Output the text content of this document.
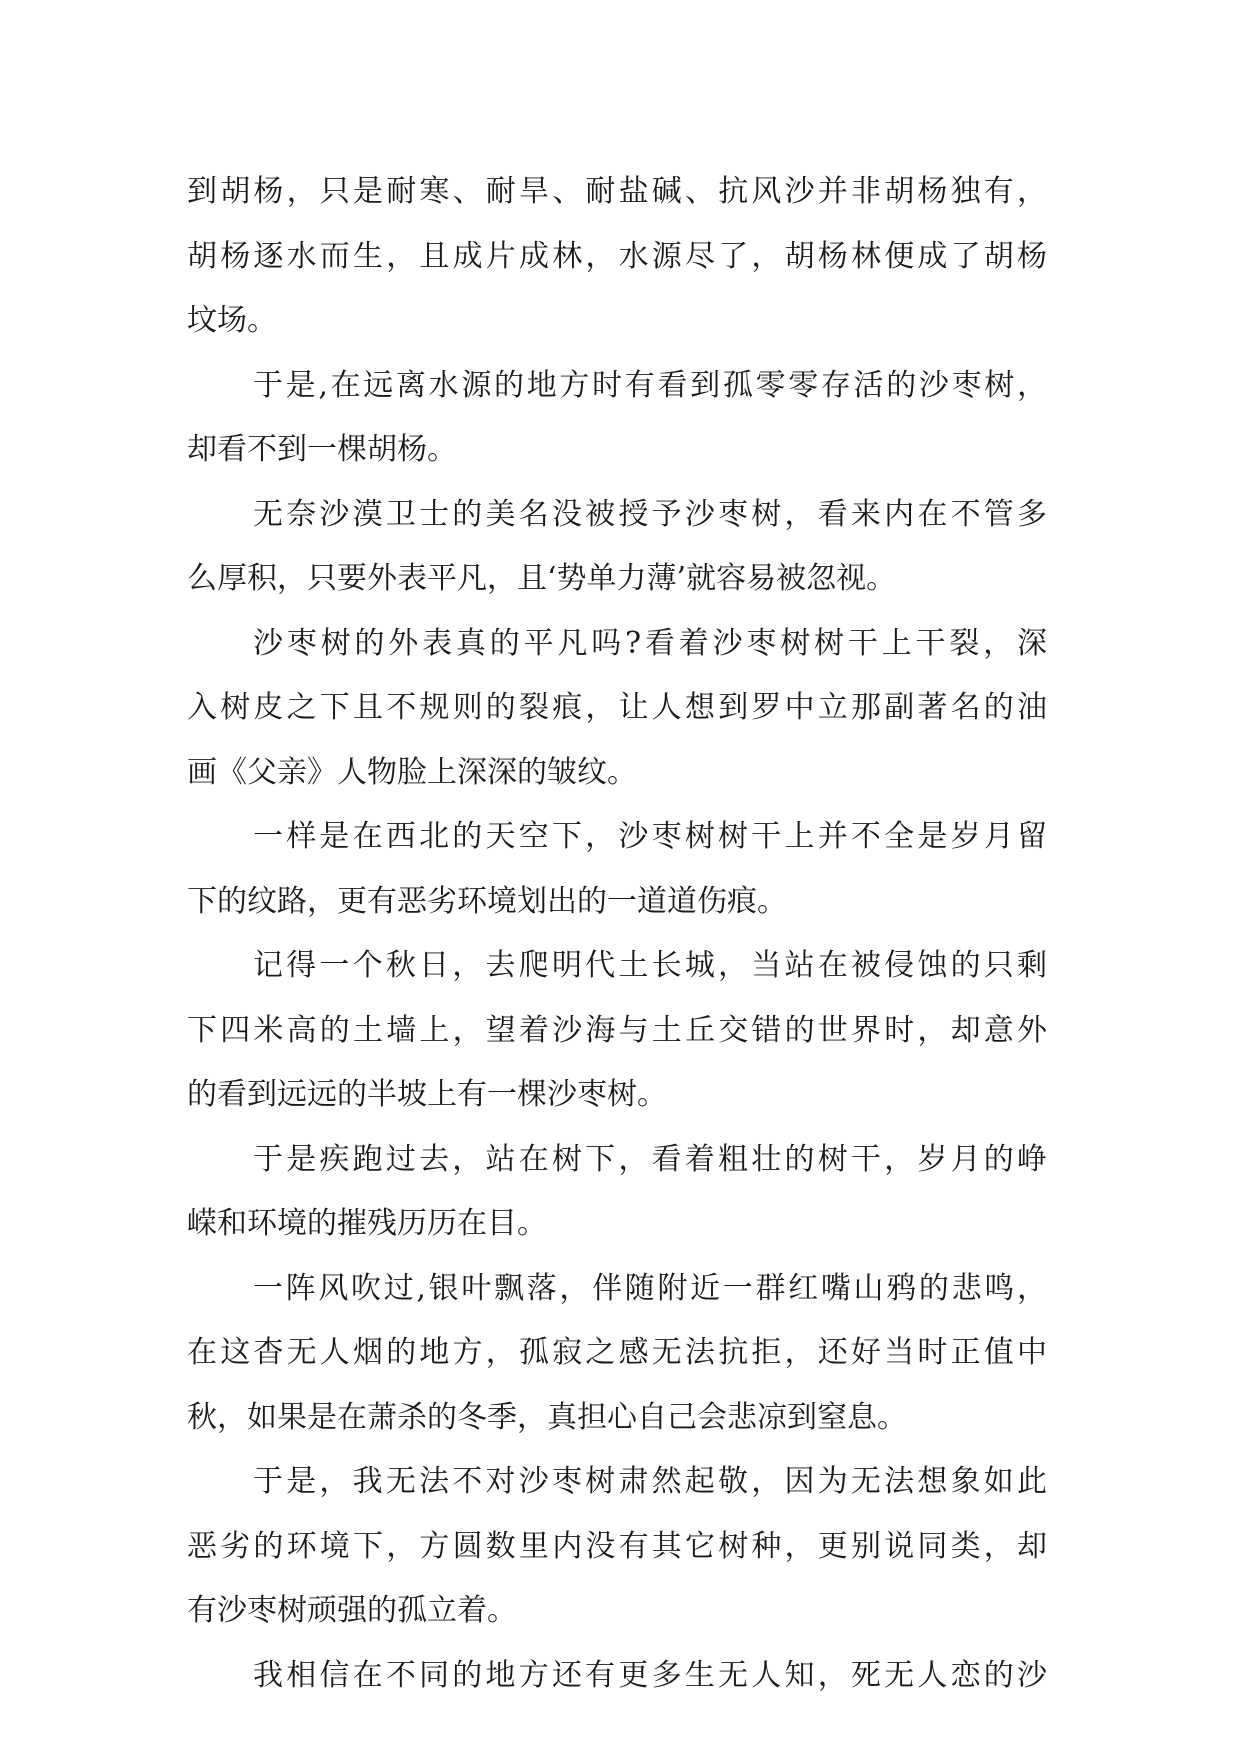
到胡杨，只是耐寒、耐旱、耐盐碱、抗风沙并非胡杨独有，
胡杨逐水而生，且成片成林，水源尽了，胡杨林便成了胡杨
坟场。
于是,在远离水源的地方时有看到孤零零存活的沙枣树，
却看不到一棵胡杨。
无奈沙漠卫士的美名没被授予沙枣树，看来内在不管多
么厚积，只要外表平凡，且‘势单力薄’就容易被忽视。
沙枣树的外表真的平凡吗?看着沙枣树树干上干裂，深
入树皮之下且不规则的裂痕，让人想到罗中立那副著名的油
画《父亲》人物脸上深深的皱纹。
一样是在西北的天空下，沙枣树树干上并不全是岁月留
下的纹路，更有恶劣环境划出的一道道伤痕。
记得一个秋日，去爬明代土长城，当站在被侵蚀的只剩
下四米高的土墙上，望着沙海与土丘交错的世界时，却意外
的看到远远的半坡上有一棵沙枣树。
于是疾跑过去，站在树下，看着粗壮的树干，岁月的峥
嵘和环境的摧残历历在目。
一阵风吹过,银叶飘落，伴随附近一群红嘴山鸦的悲鸣，
在这杳无人烟的地方，孤寂之感无法抗拒，还好当时正值中
秋，如果是在萧杀的冬季，真担心自己会悲凉到窒息。
于是，我无法不对沙枣树肃然起敬，因为无法想象如此
恶劣的环境下，方圆数里内没有其它树种，更别说同类，却
有沙枣树顽强的孤立着。
我相信在不同的地方还有更多生无人知，死无人恋的沙
